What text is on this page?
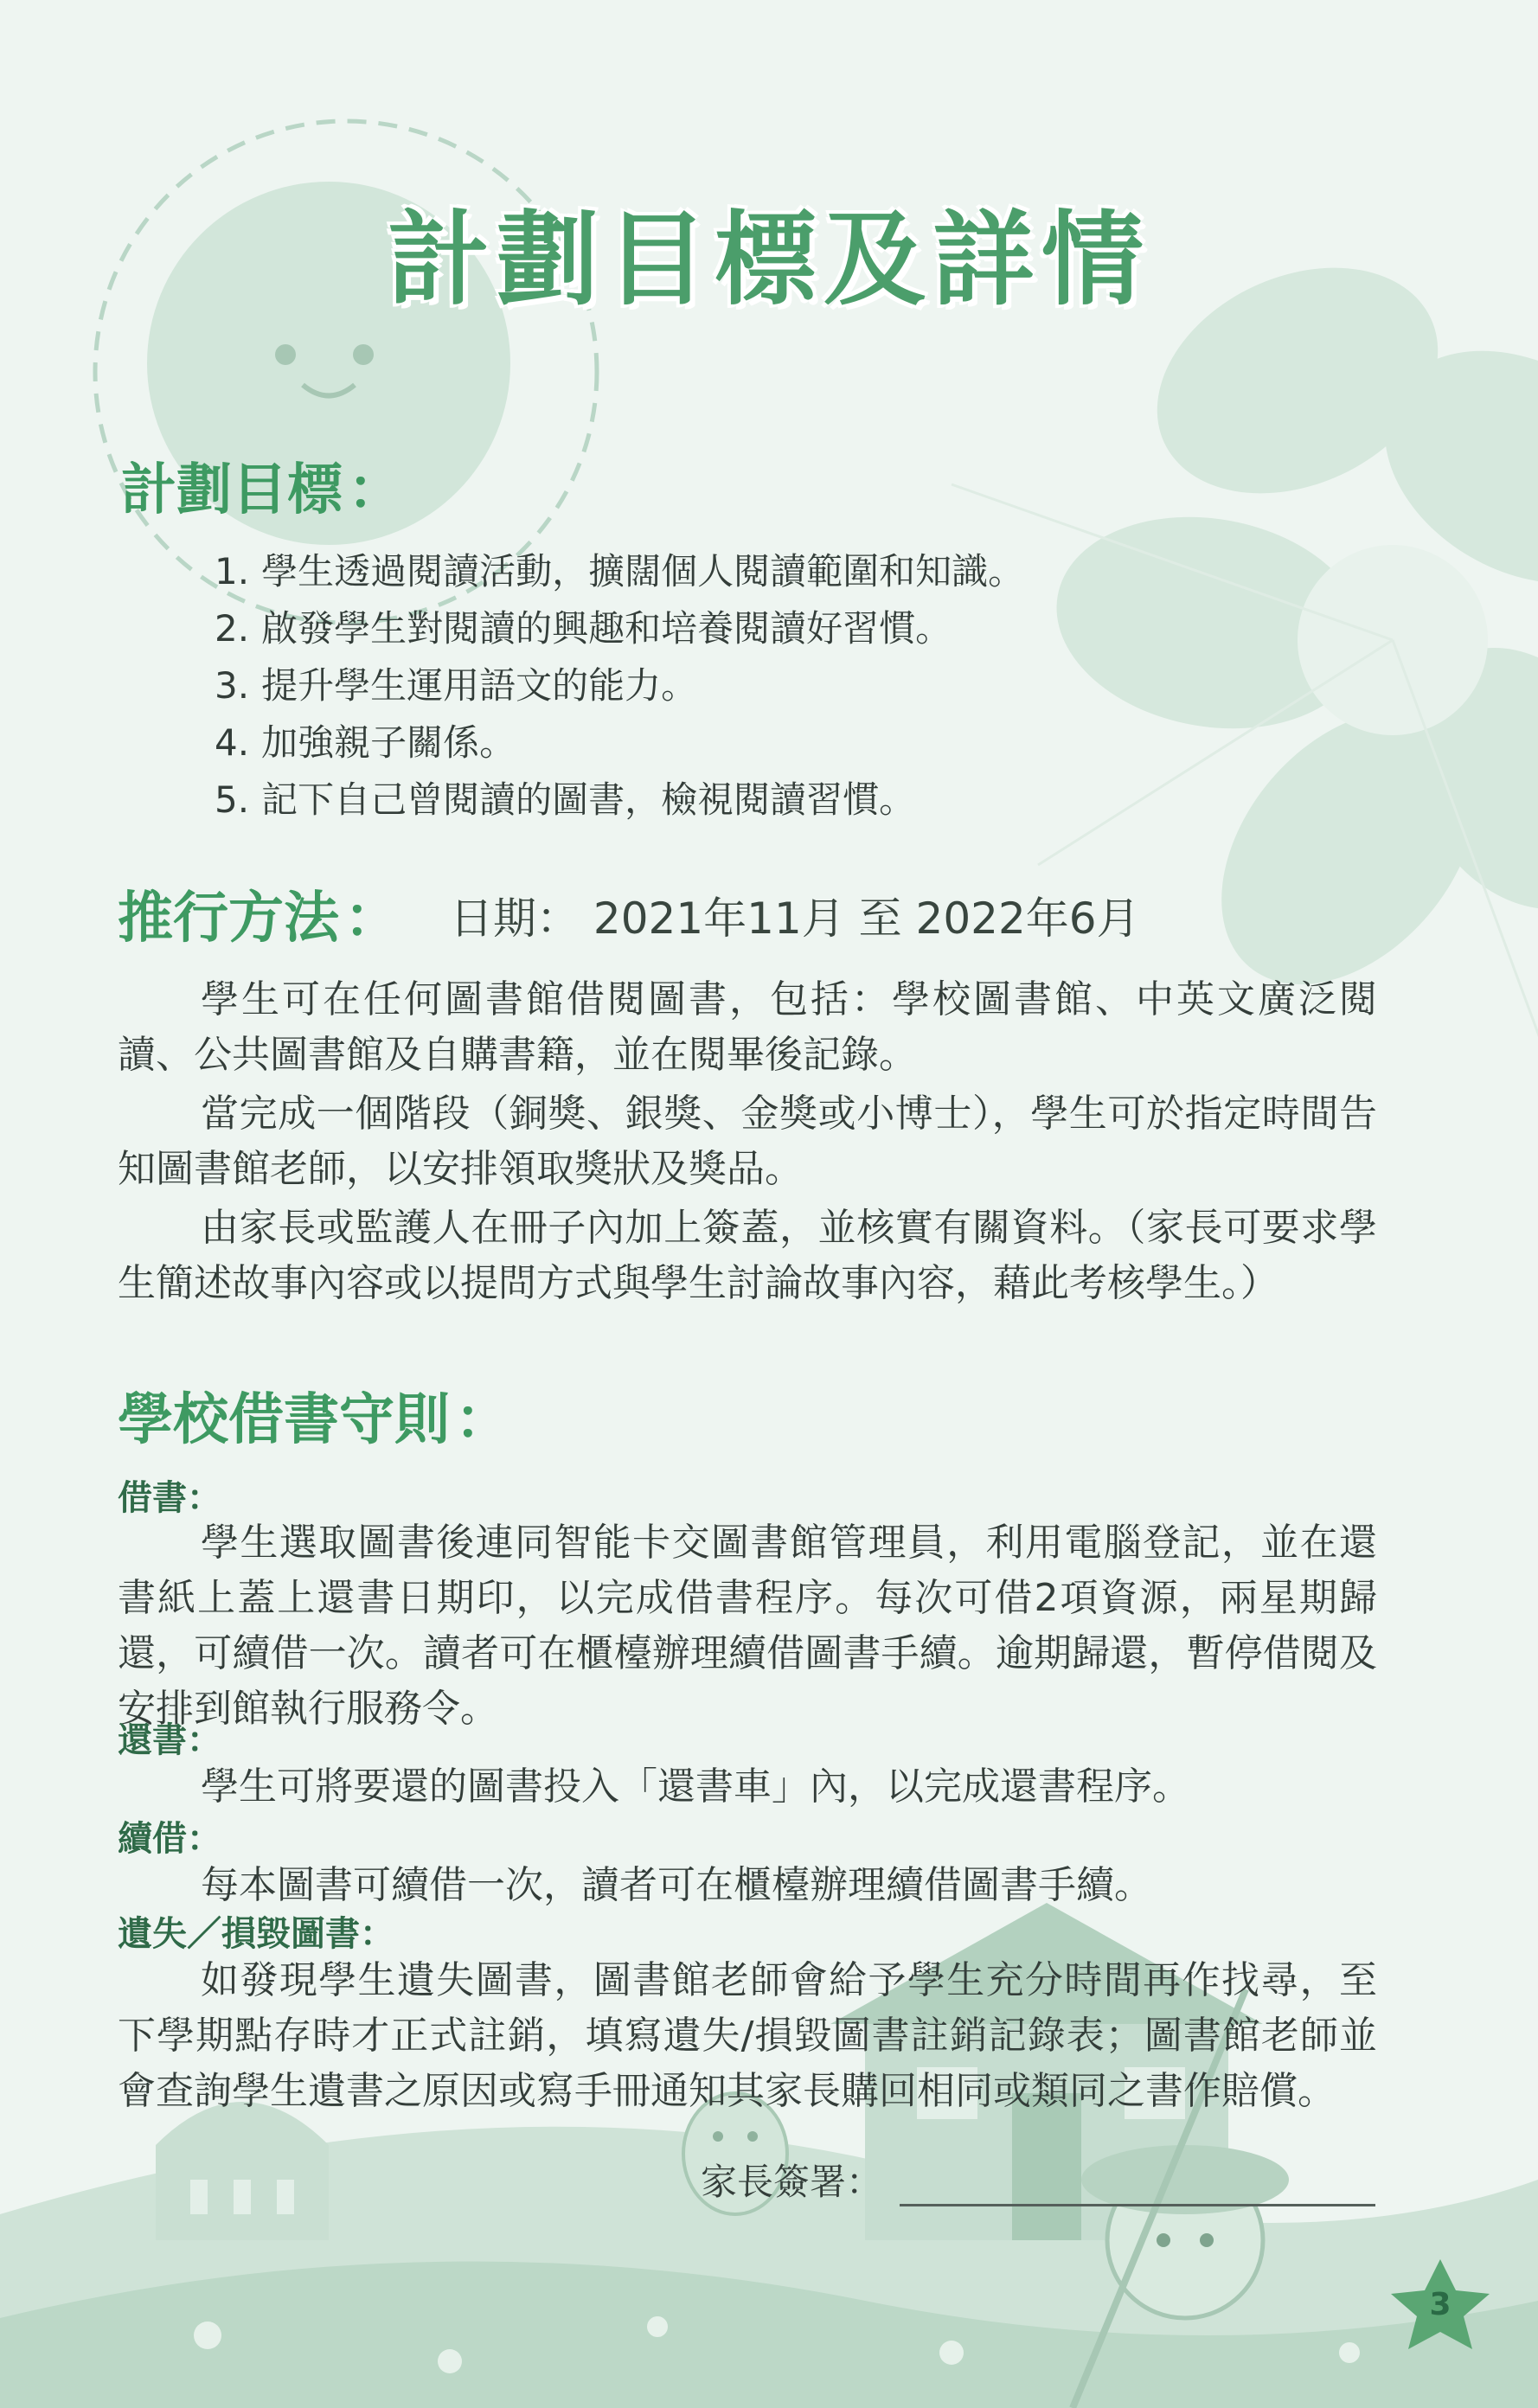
計劃目標及詳情
計劃目標：
1. 學生透過閱讀活動，擴闊個人閱讀範圍和知識。
2. 啟發學生對閱讀的興趣和培養閱讀好習慣。
3. 提升學生運用語文的能力。
4. 加強親子關係。
5. 記下自己曾閱讀的圖書，檢視閱讀習慣。
推行方法： 日期： 2021年11月 至 2022年6月
學生可在任何圖書館借閱圖書，包括：學校圖書館、中英文廣泛閱讀、公共圖書館及自購書籍，並在閱畢後記錄。
當完成一個階段（銅獎、銀獎、金獎或小博士），學生可於指定時間告知圖書館老師，以安排領取獎狀及獎品。
由家長或監護人在冊子內加上簽蓋，並核實有關資料。（家長可要求學生簡述故事內容或以提問方式與學生討論故事內容，藉此考核學生。）
學校借書守則：
借書：
學生選取圖書後連同智能卡交圖書館管理員，利用電腦登記，並在還書紙上蓋上還書日期印，以完成借書程序。每次可借2項資源，兩星期歸還，可續借一次。讀者可在櫃檯辦理續借圖書手續。逾期歸還，暫停借閱及安排到館執行服務令。
還書：
學生可將要還的圖書投入「還書車」內，以完成還書程序。
續借：
每本圖書可續借一次，讀者可在櫃檯辦理續借圖書手續。
遺失／損毀圖書：
如發現學生遺失圖書，圖書館老師會給予學生充分時間再作找尋，至下學期點存時才正式註銷，填寫遺失/損毀圖書註銷記錄表；圖書館老師並會查詢學生遺書之原因或寫手冊通知其家長購回相同或類同之書作賠償。
家長簽署：
3
